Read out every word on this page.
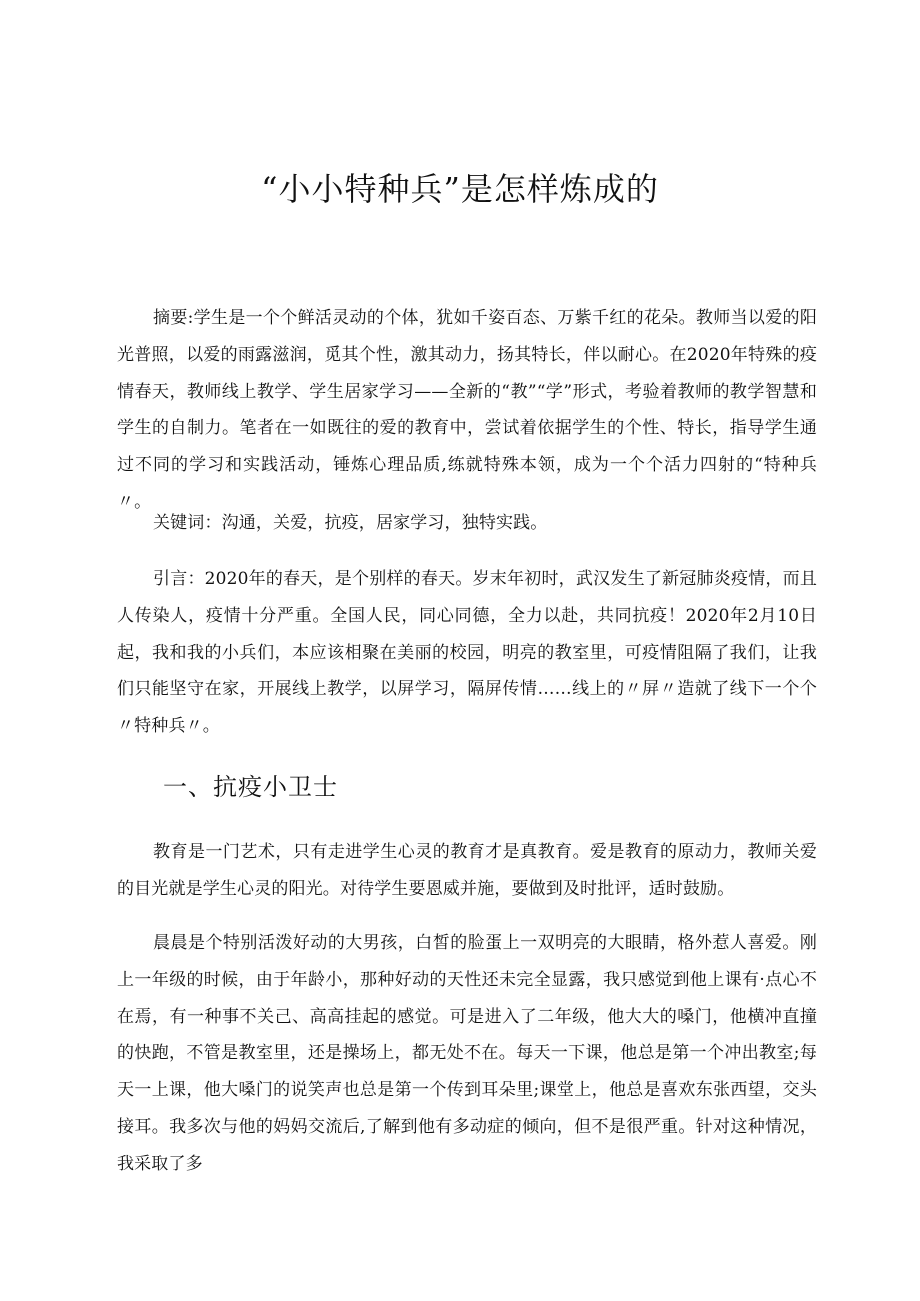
“小小特种兵”是怎样炼成的

摘要:学生是一个个鲜活灵动的个体，犹如千姿百态、万紫千红的花朵。教师当以爱的阳光普照，以爱的雨露滋润，觅其个性，激其动力，扬其特长，伴以耐心。在2020年特殊的疫情春天，教师线上教学、学生居家学习——全新的“教”“学”形式，考验着教师的教学智慧和学生的自制力。笔者在一如既往的爱的教育中，尝试着依据学生的个性、特长，指导学生通过不同的学习和实践活动，锤炼心理品质,练就特殊本领，成为一个个活力四射的“特种兵〃。

关键词：沟通，关爱，抗疫，居家学习，独特实践。

引言：2020年的春天，是个别样的春天。岁末年初时，武汉发生了新冠肺炎疫情，而且人传染人，疫情十分严重。全国人民，同心同德，全力以赴，共同抗疫！2020年2月10日起，我和我的小兵们，本应该相聚在美丽的校园，明亮的教室里，可疫情阻隔了我们，让我们只能坚守在家，开展线上教学，以屏学习，隔屏传情……线上的〃屏〃造就了线下一个个〃特种兵〃。

一、抗疫小卫士

教育是一门艺术，只有走进学生心灵的教育才是真教育。爱是教育的原动力，教师关爱的目光就是学生心灵的阳光。对待学生要恩威并施，要做到及时批评，适时鼓励。

晨晨是个特别活泼好动的大男孩，白皙的脸蛋上一双明亮的大眼睛，格外惹人喜爱。刚上一年级的时候，由于年龄小，那种好动的天性还未完全显露，我只感觉到他上课有·点心不在焉，有一种事不关己、高高挂起的感觉。可是进入了二年级，他大大的嗓门，他横冲直撞的快跑，不管是教室里，还是操场上，都无处不在。每天一下课，他总是第一个冲出教室;每天一上课，他大嗓门的说笑声也总是第一个传到耳朵里;课堂上，他总是喜欢东张西望，交头接耳。我多次与他的妈妈交流后,了解到他有多动症的倾向，但不是很严重。针对这种情况，我采取了多
